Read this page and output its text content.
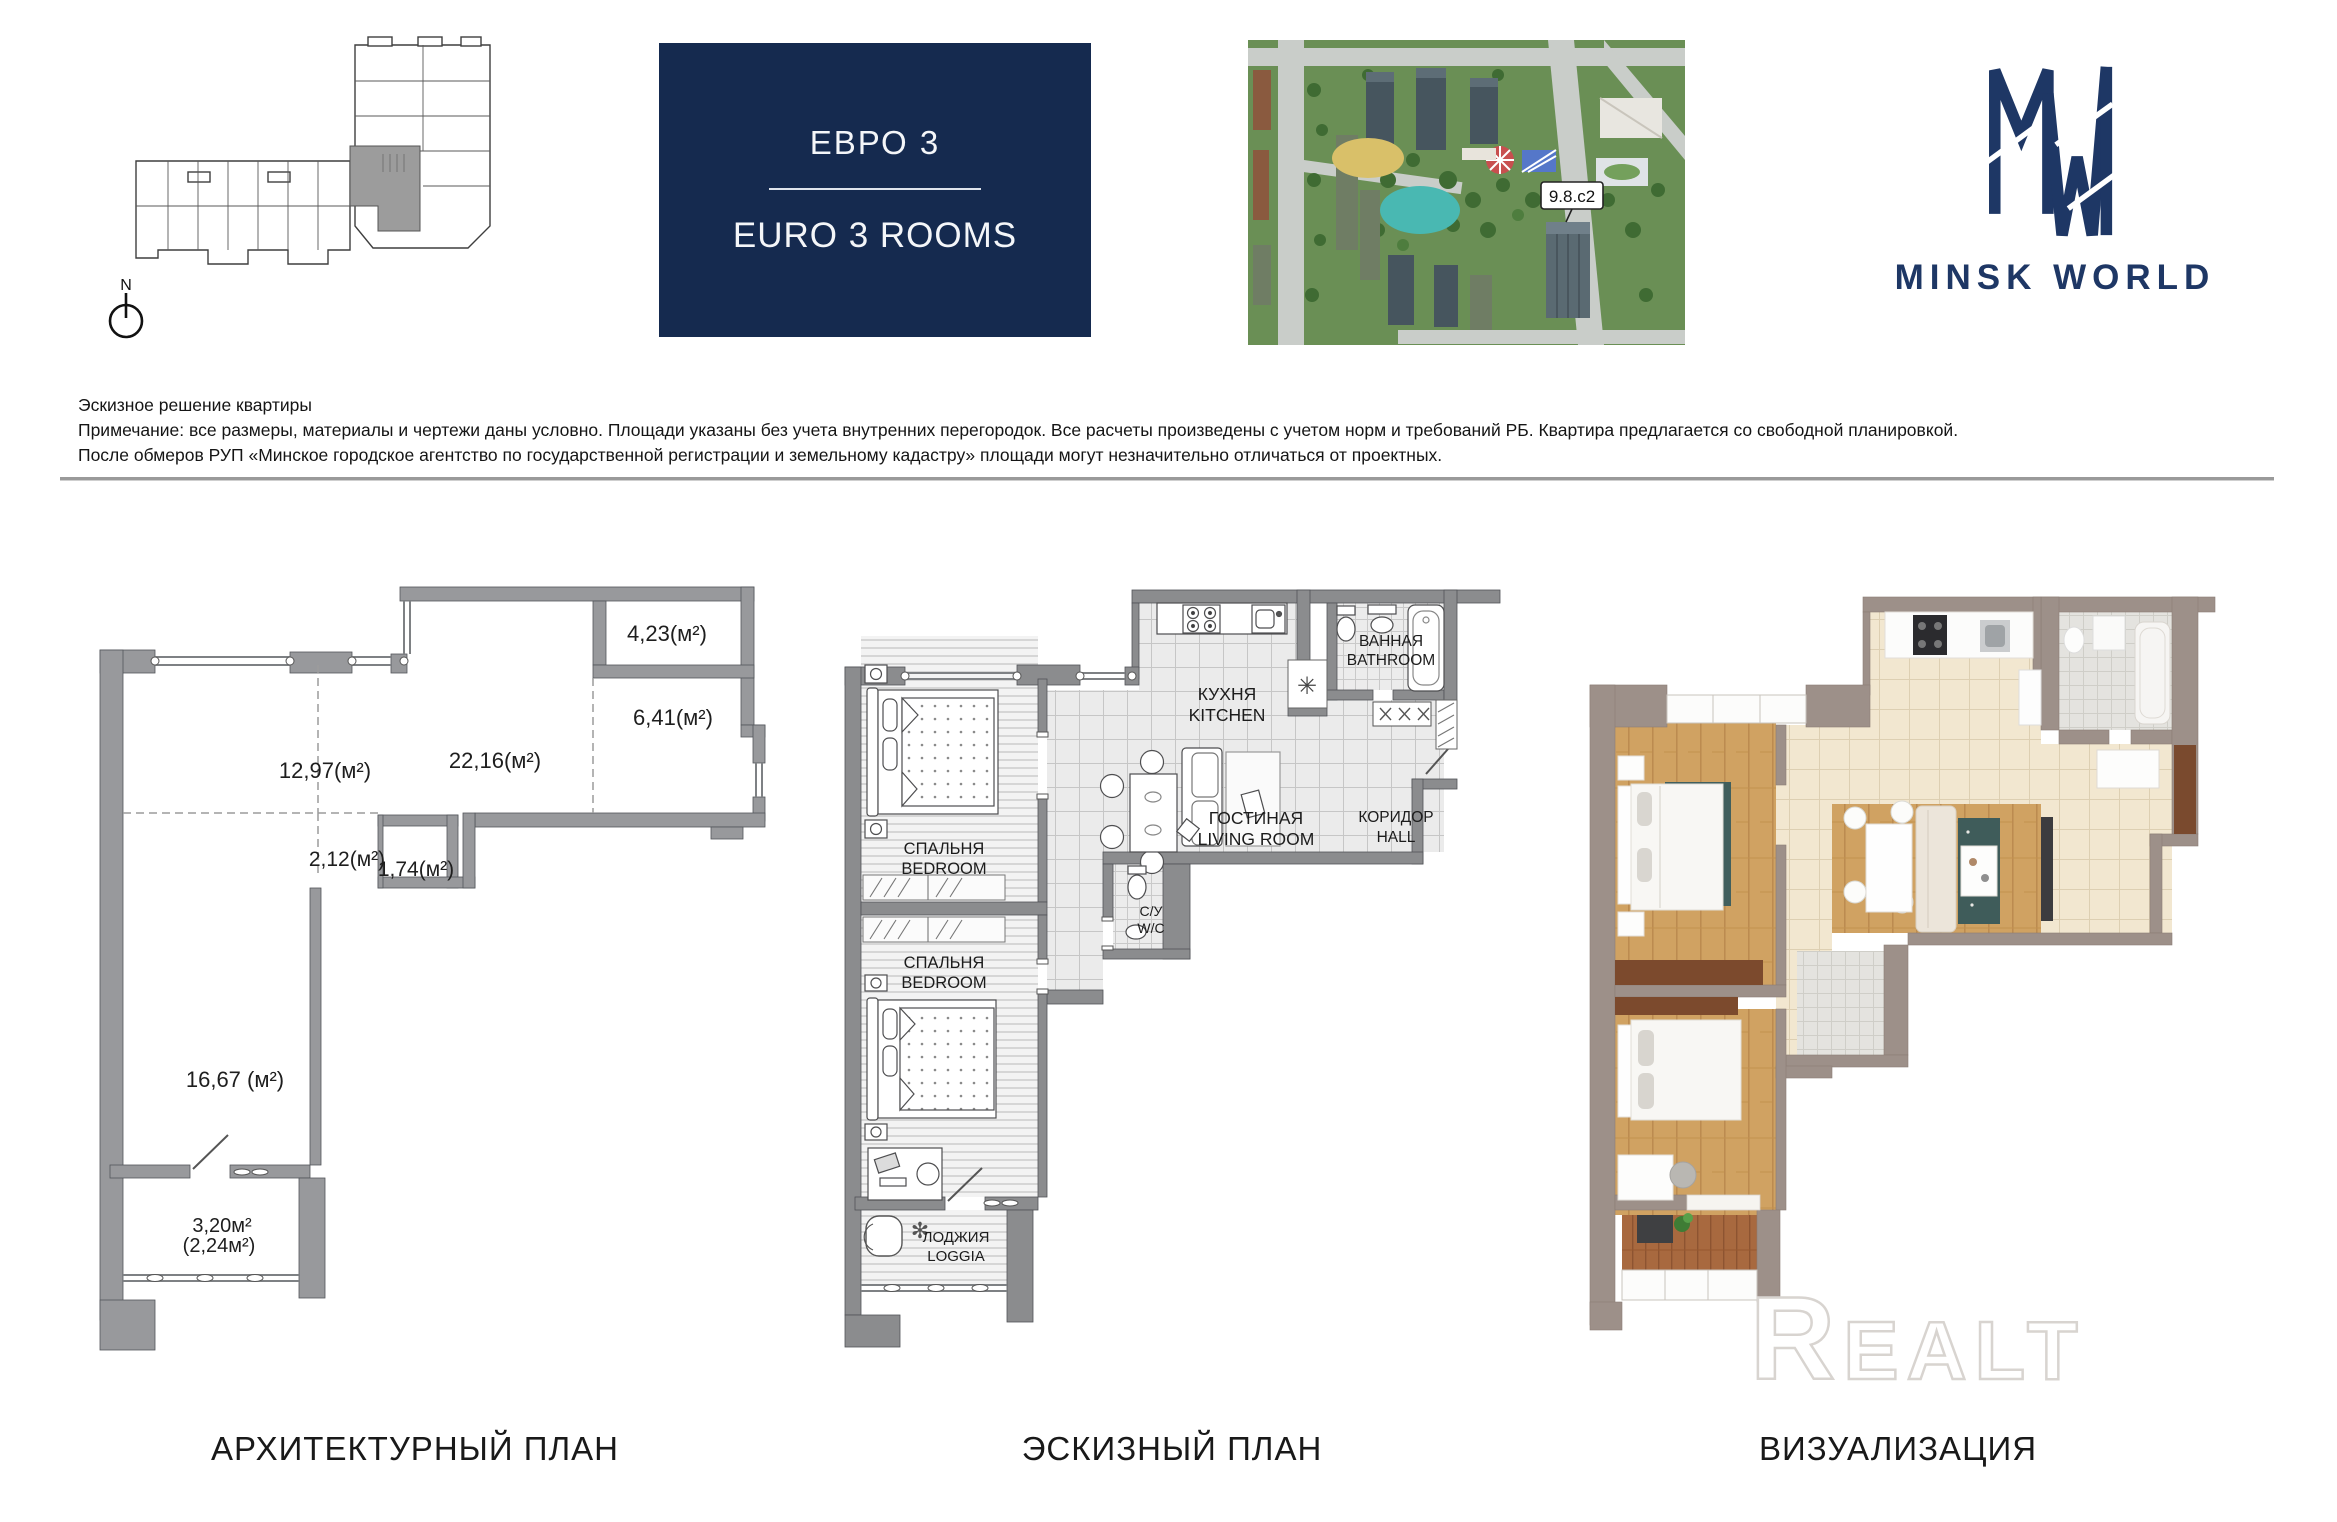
N
ЕВРО 3
EURO 3 ROOMS
9.8.с2
MINSK WORLD
Эскизное решение квартиры
Примечание: все размеры, материалы и чертежи даны условно. Площади указаны без учета внутренних перегородок. Все расчеты произведены с учетом норм и требований РБ. Квартира предлагается со свободной планировкой.
После обмеров РУП «Минское городское агентство по государственной регистрации и земельному кадастру» площади могут незначительно отличаться от проектных.
12,97(м²)	22,16(м²)
4,23(м²)
6,41(м²)
2,12(м²)
1,74(м²)
16,67 (м²)
3,20м²
(2,24м²)
✳
✻
КУХНЯ
KITCHEN
ВАННАЯ
BATHROOM
ГОСТИНАЯ
LIVING ROOM
КОРИДОР
HALL
СПАЛЬНЯ
BEDROOM
СПАЛЬНЯ
BEDROOM
С/У
W/C
ЛОДЖИЯ
LOGGIA
АРХИТЕКТУРНЫЙ ПЛАН	ЭСКИЗНЫЙ ПЛАН	ВИЗУАЛИЗАЦИЯ
Realt
